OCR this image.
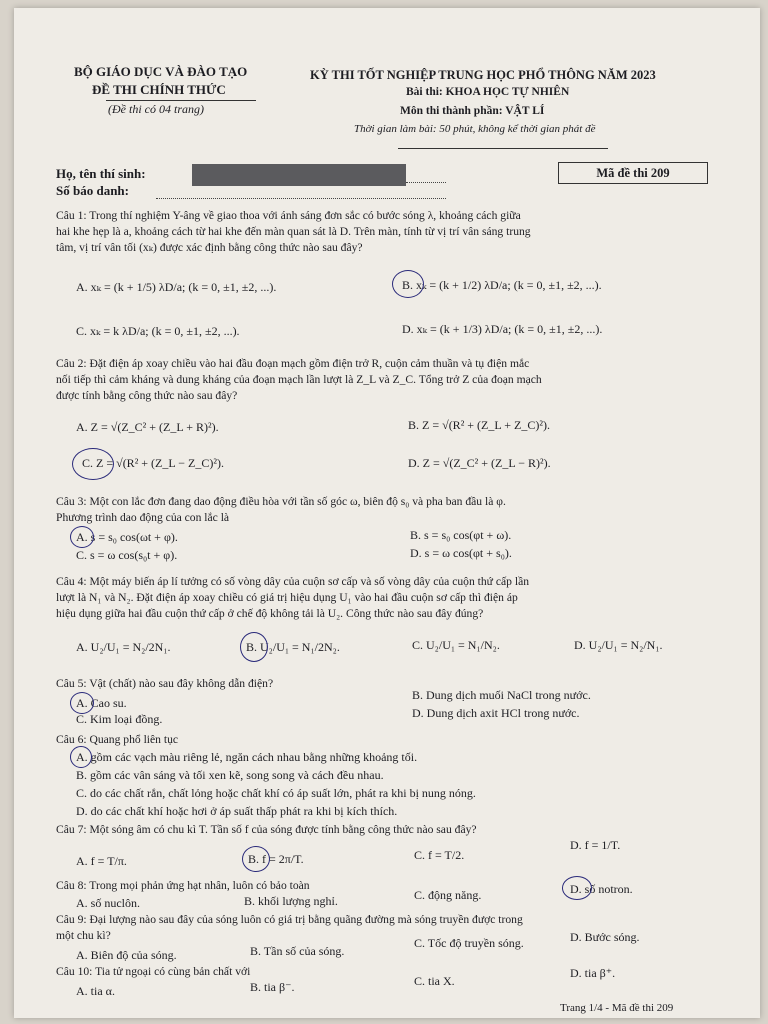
BỘ GIÁO DỤC VÀ ĐÀO TẠO
ĐỀ THI CHÍNH THỨC
(Đề thi có 04 trang)
KỲ THI TỐT NGHIỆP TRUNG HỌC PHỔ THÔNG NĂM 2023
Bài thi: KHOA HỌC TỰ NHIÊN
Môn thi thành phần: VẬT LÍ
Thời gian làm bài: 50 phút, không kể thời gian phát đề
Họ, tên thí sinh:
Số báo danh:
Mã đề thi 209
Câu 1: Trong thí nghiệm Y-âng về giao thoa với ánh sáng đơn sắc có bước sóng λ, khoảng cách giữa
hai khe hẹp là a, khoảng cách từ hai khe đến màn quan sát là D. Trên màn, tính từ vị trí vân sáng trung
tâm, vị trí vân tối (xₖ) được xác định bằng công thức nào sau đây?
A. xₖ = (k + 1/5) λD/a; (k = 0, ±1, ±2, ...).	B. xₖ = (k + 1/2) λD/a; (k = 0, ±1, ±2, ...).
C. xₖ = k λD/a; (k = 0, ±1, ±2, ...).	D. xₖ = (k + 1/3) λD/a; (k = 0, ±1, ±2, ...).
Câu 2: Đặt điện áp xoay chiều vào hai đầu đoạn mạch gồm điện trở R, cuộn cảm thuần và tụ điện mắc
nối tiếp thì cảm kháng và dung kháng của đoạn mạch lần lượt là Z_L và Z_C. Tổng trở Z của đoạn mạch
được tính bằng công thức nào sau đây?
A. Z = √(Z_C² + (Z_L + R)²).	B. Z = √(R² + (Z_L + Z_C)²).
C. Z = √(R² + (Z_L − Z_C)²).	D. Z = √(Z_C² + (Z_L − R)²).
Câu 3: Một con lắc đơn đang dao động điều hòa với tần số góc ω, biên độ s₀ và pha ban đầu là φ.
Phương trình dao động của con lắc là
A. s = s₀ cos(ωt + φ).	B. s = s₀ cos(φt + ω).
C. s = ω cos(s₀t + φ).	D. s = ω cos(φt + s₀).
Câu 4: Một máy biến áp lí tưởng có số vòng dây của cuộn sơ cấp và số vòng dây của cuộn thứ cấp lần
lượt là N₁ và N₂. Đặt điện áp xoay chiều có giá trị hiệu dụng U₁ vào hai đầu cuộn sơ cấp thì điện áp
hiệu dụng giữa hai đầu cuộn thứ cấp ở chế độ không tải là U₂. Công thức nào sau đây đúng?
A. U₂/U₁ = N₂/2N₁.	B. U₂/U₁ = N₁/2N₂.	C. U₂/U₁ = N₁/N₂.	D. U₂/U₁ = N₂/N₁.
Câu 5: Vật (chất) nào sau đây không dẫn điện?
A. Cao su.
B. Dung dịch muối NaCl trong nước.
C. Kim loại đồng.	D. Dung dịch axit HCl trong nước.
Câu 6: Quang phổ liên tục
A. gồm các vạch màu riêng lẻ, ngăn cách nhau bằng những khoảng tối.
B. gồm các vân sáng và tối xen kẽ, song song và cách đều nhau.
C. do các chất rắn, chất lỏng hoặc chất khí có áp suất lớn, phát ra khi bị nung nóng.
D. do các chất khí hoặc hơi ở áp suất thấp phát ra khi bị kích thích.
Câu 7: Một sóng âm có chu kì T. Tần số f của sóng được tính bằng công thức nào sau đây?
A. f = T/π.	B. f = 2π/T.	C. f = T/2.
D. f = 1/T.
Câu 8: Trong mọi phản ứng hạt nhân, luôn có bảo toàn
A. số nuclôn.	B. khối lượng nghỉ.	C. động năng.	D. số notron.
Câu 9: Đại lượng nào sau đây của sóng luôn có giá trị bằng quãng đường mà sóng truyền được trong
một chu kì?
A. Biên độ của sóng.	B. Tần số của sóng.
C. Tốc độ truyền sóng.	D. Bước sóng.
Câu 10: Tia tử ngoại có cùng bản chất với
A. tia α.	B. tia β⁻.	C. tia X.
D. tia β⁺.
Trang 1/4 - Mã đề thi 209
